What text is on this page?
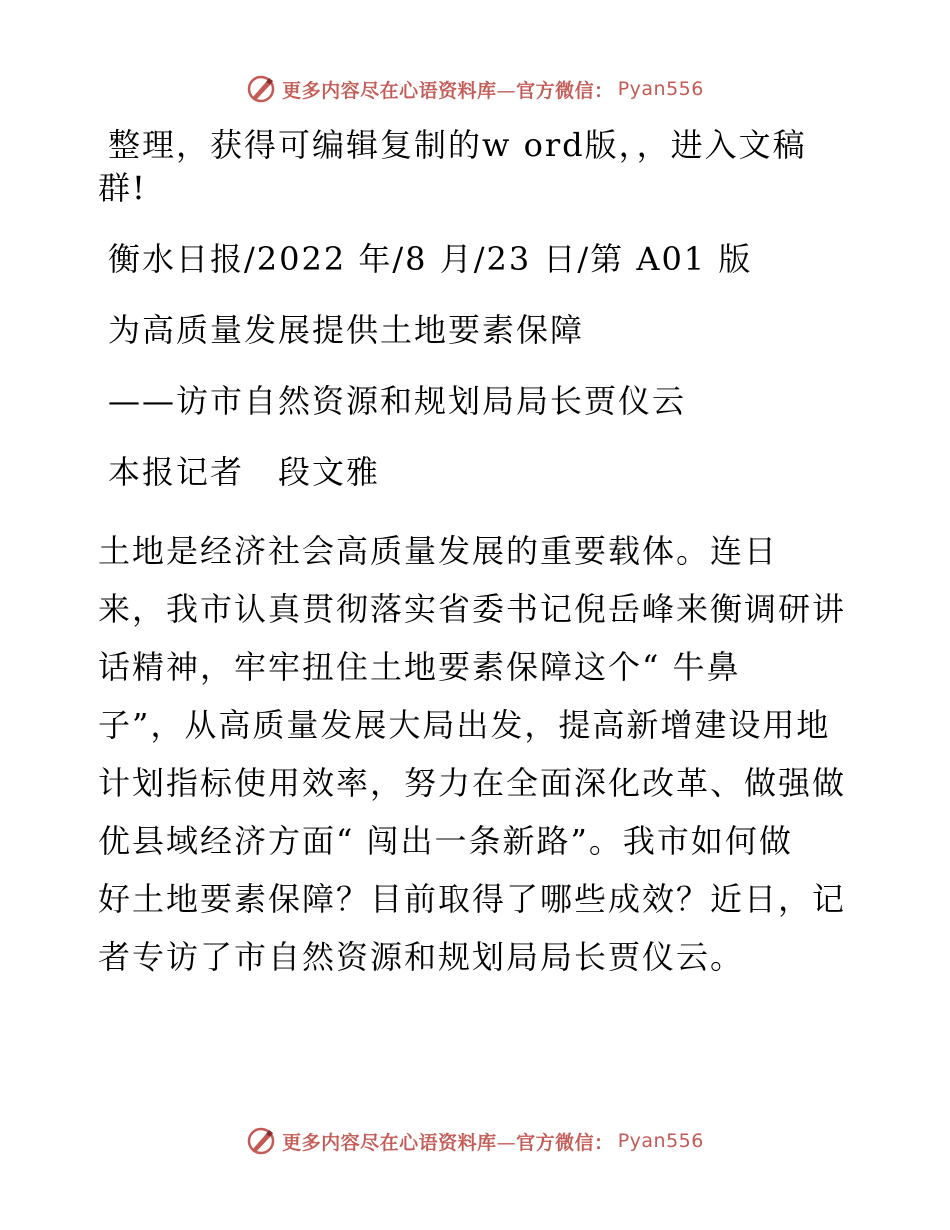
更多内容尽在心语资料库—官方微信： Pyan556

整理，获得可编辑复制的w ord版，，进入文稿
群!

衡水日报/2022 年/8 月/23 日/第 A01 版

为高质量发展提供土地要素保障

——访市自然资源和规划局局长贾仪云

本报记者　段文雅

土地是经济社会高质量发展的重要载体。连日

来，我市认真贯彻落实省委书记倪岳峰来衡调研讲

话精神，牢牢扭住土地要素保障这个“ 牛鼻

子”，从高质量发展大局出发，提高新增建设用地

计划指标使用效率，努力在全面深化改革、做强做

优县域经济方面“ 闯出一条新路”。我市如何做

好土地要素保障？目前取得了哪些成效？近日，记

者专访了市自然资源和规划局局长贾仪云。

更多内容尽在心语资料库—官方微信： Pyan556
